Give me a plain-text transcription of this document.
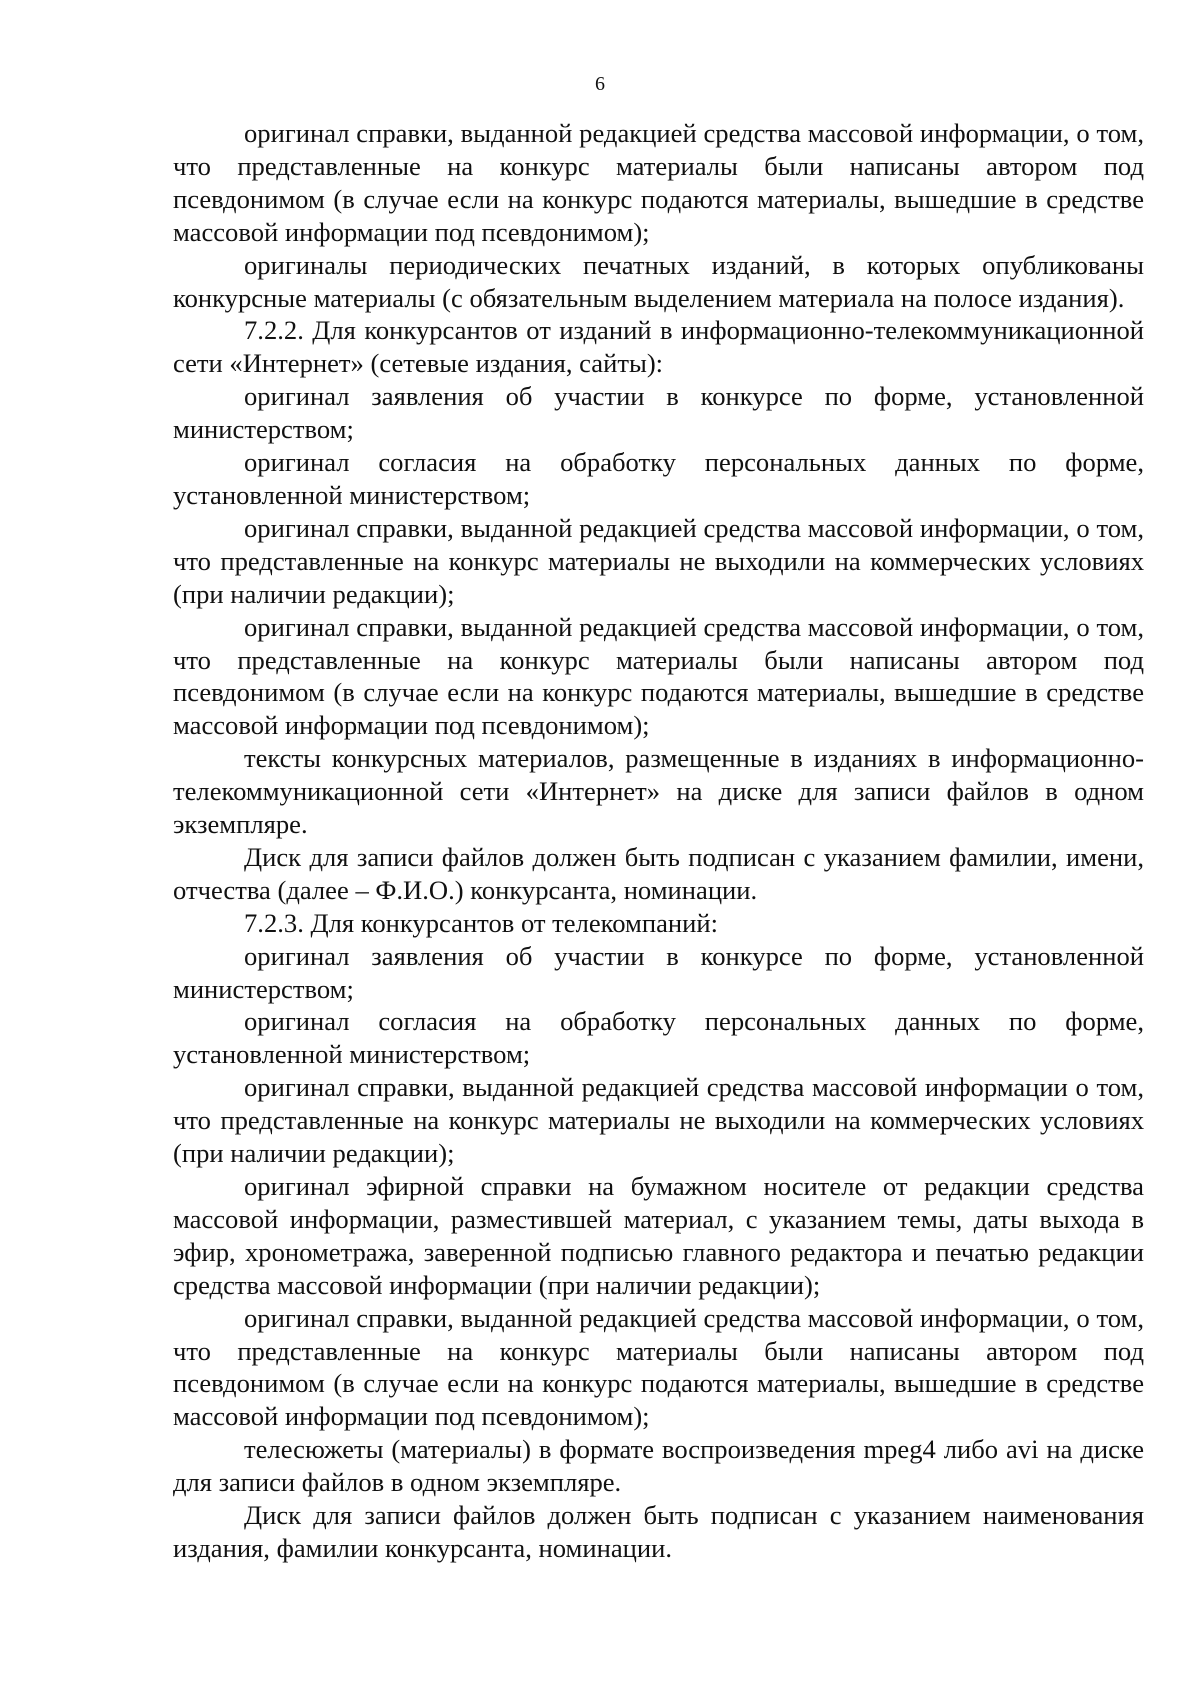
6

оригинал справки, выданной редакцией средства массовой информации, о том, что представленные на конкурс материалы были написаны автором под псевдонимом (в случае если на конкурс подаются материалы, вышедшие в средстве массовой информации под псевдонимом);

оригиналы периодических печатных изданий, в которых опубликованы конкурсные материалы (с обязательным выделением материала на полосе издания).

7.2.2. Для конкурсантов от изданий в информационно-телекоммуникационной сети «Интернет» (сетевые издания, сайты):

оригинал заявления об участии в конкурсе по форме, установленной министерством;

оригинал согласия на обработку персональных данных по форме, установленной министерством;

оригинал справки, выданной редакцией средства массовой информации, о том, что представленные на конкурс материалы не выходили на коммерческих условиях (при наличии редакции);

оригинал справки, выданной редакцией средства массовой информации, о том, что представленные на конкурс материалы были написаны автором под псевдонимом (в случае если на конкурс подаются материалы, вышедшие в средстве массовой информации под псевдонимом);

тексты конкурсных материалов, размещенные в изданиях в информационно-телекоммуникационной сети «Интернет» на диске для записи файлов в одном экземпляре.

Диск для записи файлов должен быть подписан с указанием фамилии, имени, отчества (далее – Ф.И.О.) конкурсанта, номинации.

7.2.3. Для конкурсантов от телекомпаний:

оригинал заявления об участии в конкурсе по форме, установленной министерством;

оригинал согласия на обработку персональных данных по форме, установленной министерством;

оригинал справки, выданной редакцией средства массовой информации о том, что представленные на конкурс материалы не выходили на коммерческих условиях (при наличии редакции);

оригинал эфирной справки на бумажном носителе от редакции средства массовой информации, разместившей материал, с указанием темы, даты выхода в эфир, хронометража, заверенной подписью главного редактора и печатью редакции средства массовой информации (при наличии редакции);

оригинал справки, выданной редакцией средства массовой информации, о том, что представленные на конкурс материалы были написаны автором под псевдонимом (в случае если на конкурс подаются материалы, вышедшие в средстве массовой информации под псевдонимом);

телесюжеты (материалы) в формате воспроизведения mpeg4 либо avi на диске для записи файлов в одном экземпляре.

Диск для записи файлов должен быть подписан с указанием наименования издания, фамилии конкурсанта, номинации.
